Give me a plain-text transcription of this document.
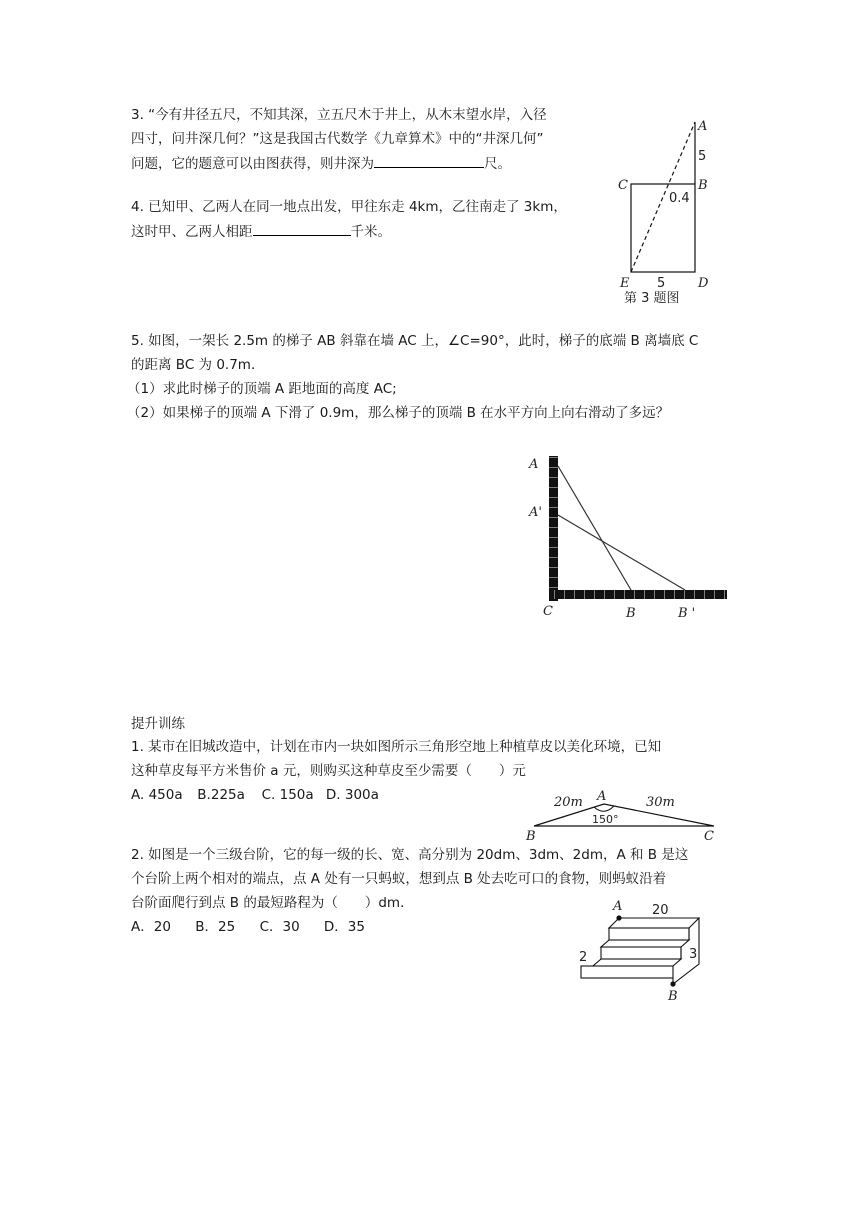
3. “今有井径五尺，不知其深，立五尺木于井上，从木末望水岸，入径
四寸，问井深几何？”这是我国古代数学《九章算术》中的“井深几何”
问题，它的题意可以由图获得，则井深为	尺。
4. 已知甲、乙两人在同一地点出发，甲往东走 4km，乙往南走了 3km，
这时甲、乙两人相距	千米。
A
B
C
D
E
5
0.4
5
第 3 题图
5. 如图，一架长 2.5m 的梯子 AB 斜靠在墙 AC 上，∠C=90°，此时，梯子的底端 B 离墙底 C
的距离 BC 为 0.7m．
（1）求此时梯子的顶端 A 距地面的高度 AC;
（2）如果梯子的顶端 A 下滑了 0.9m，那么梯子的顶端 B 在水平方向上向右滑动了多远？
A
A'
C	B	B '
提升训练
1. 某市在旧城改造中，计划在市内一块如图所示三角形空地上种植草皮以美化环境，已知
这种草皮每平方米售价 a 元，则购买这种草皮至少需要（　　）元
A. 450a B.225a C. 150a D. 300a	A
B	C
20m	30m
150°
2. 如图是一个三级台阶，它的每一级的长、宽、高分别为 20dm、3dm、2dm，A 和 B 是这
个台阶上两个相对的端点，点 A 处有一只蚂蚁，想到点 B 处去吃可口的食物，则蚂蚁沿着
台阶面爬行到点 B 的最短路程为（　　）dm．
A．20 B．25 C．30 D．35
A
B
20
2	3
